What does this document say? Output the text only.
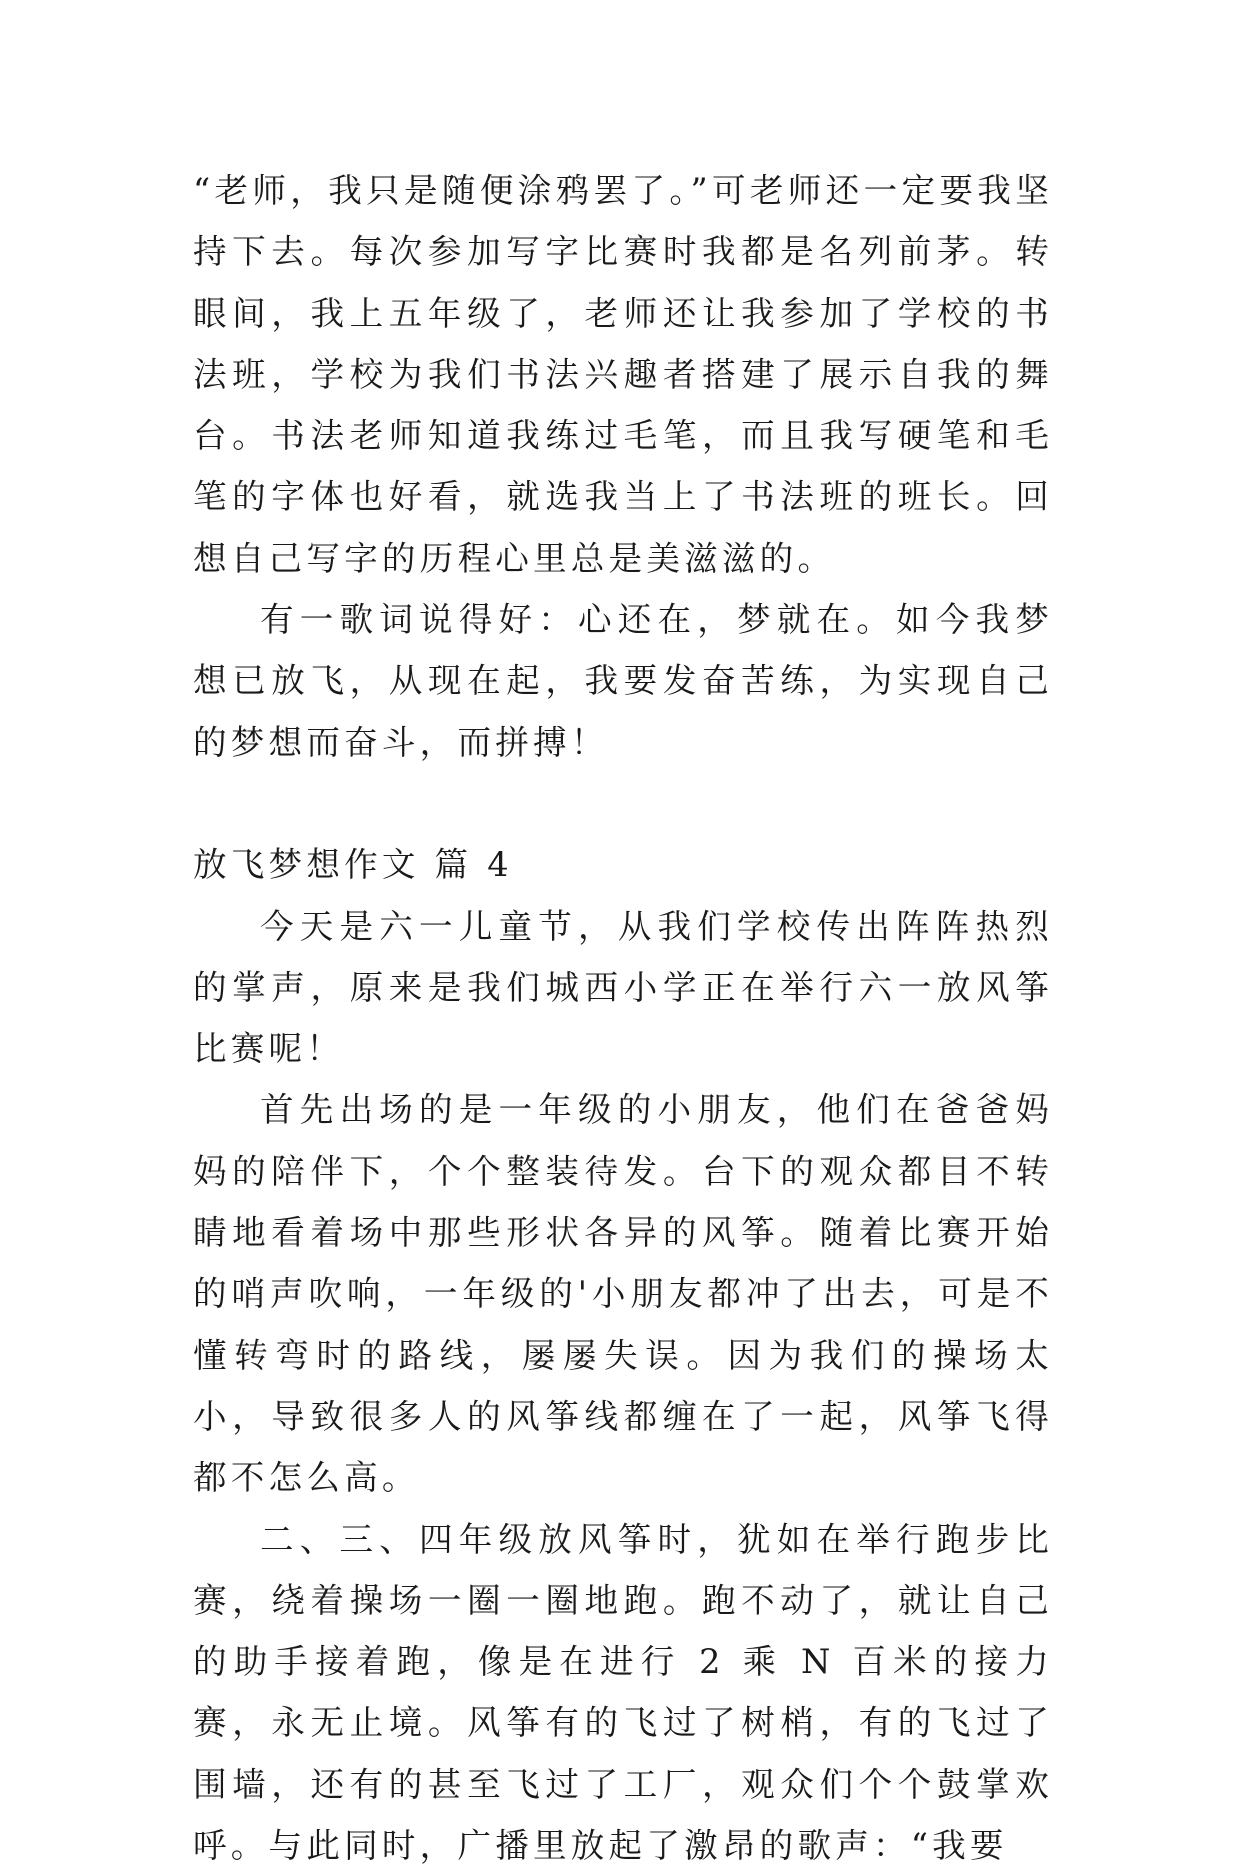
“老师，我只是随便涂鸦罢了。”可老师还一定要我坚持下去。每次参加写字比赛时我都是名列前茅。转眼间，我上五年级了，老师还让我参加了学校的书法班，学校为我们书法兴趣者搭建了展示自我的舞台。书法老师知道我练过毛笔，而且我写硬笔和毛笔的字体也好看，就选我当上了书法班的班长。回想自己写字的历程心里总是美滋滋的。

有一歌词说得好：心还在，梦就在。如今我梦想已放飞，从现在起，我要发奋苦练，为实现自己的梦想而奋斗，而拼搏！

放飞梦想作文 篇 4

今天是六一儿童节，从我们学校传出阵阵热烈的掌声，原来是我们城西小学正在举行六一放风筝比赛呢！

首先出场的是一年级的小朋友，他们在爸爸妈妈的陪伴下，个个整装待发。台下的观众都目不转睛地看着场中那些形状各异的风筝。随着比赛开始的哨声吹响，一年级的'小朋友都冲了出去，可是不懂转弯时的路线，屡屡失误。因为我们的操场太小，导致很多人的风筝线都缠在了一起，风筝飞得都不怎么高。

二、三、四年级放风筝时，犹如在举行跑步比赛，绕着操场一圈一圈地跑。跑不动了，就让自己的助手接着跑，像是在进行 2 乘 N 百米的接力赛，永无止境。风筝有的飞过了树梢，有的飞过了围墙，还有的甚至飞过了工厂，观众们个个鼓掌欢呼。与此同时，广播里放起了激昂的歌声：“我要
